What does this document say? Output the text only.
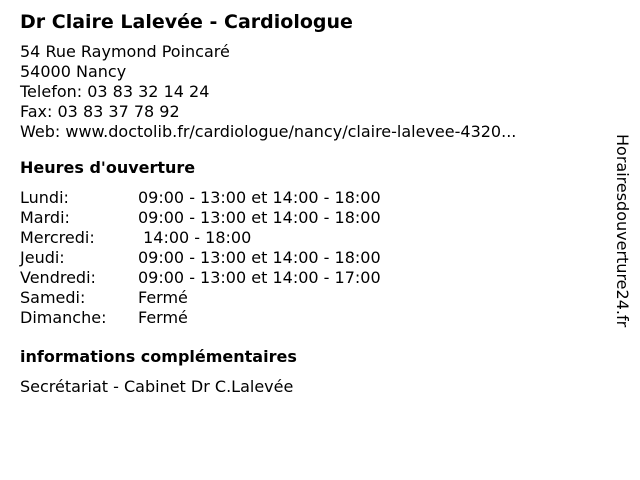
Dr Claire Lalevée - Cardiologue
54 Rue Raymond Poincaré
54000 Nancy
Telefon: 03 83 32 14 24
Fax: 03 83 37 78 92
Web: www.doctolib.fr/cardiologue/nancy/claire-lalevee-4320...
Heures d'ouverture
Lundi:	09:00 - 13:00 et 14:00 - 18:00
Mardi:	09:00 - 13:00 et 14:00 - 18:00
Mercredi:	14:00 - 18:00
Jeudi:	09:00 - 13:00 et 14:00 - 18:00
Vendredi:	09:00 - 13:00 et 14:00 - 17:00
Samedi:	Fermé
Dimanche:	Fermé
informations complémentaires
Secrétariat - Cabinet Dr C.Lalevée
Horairesdouverture24.fr
